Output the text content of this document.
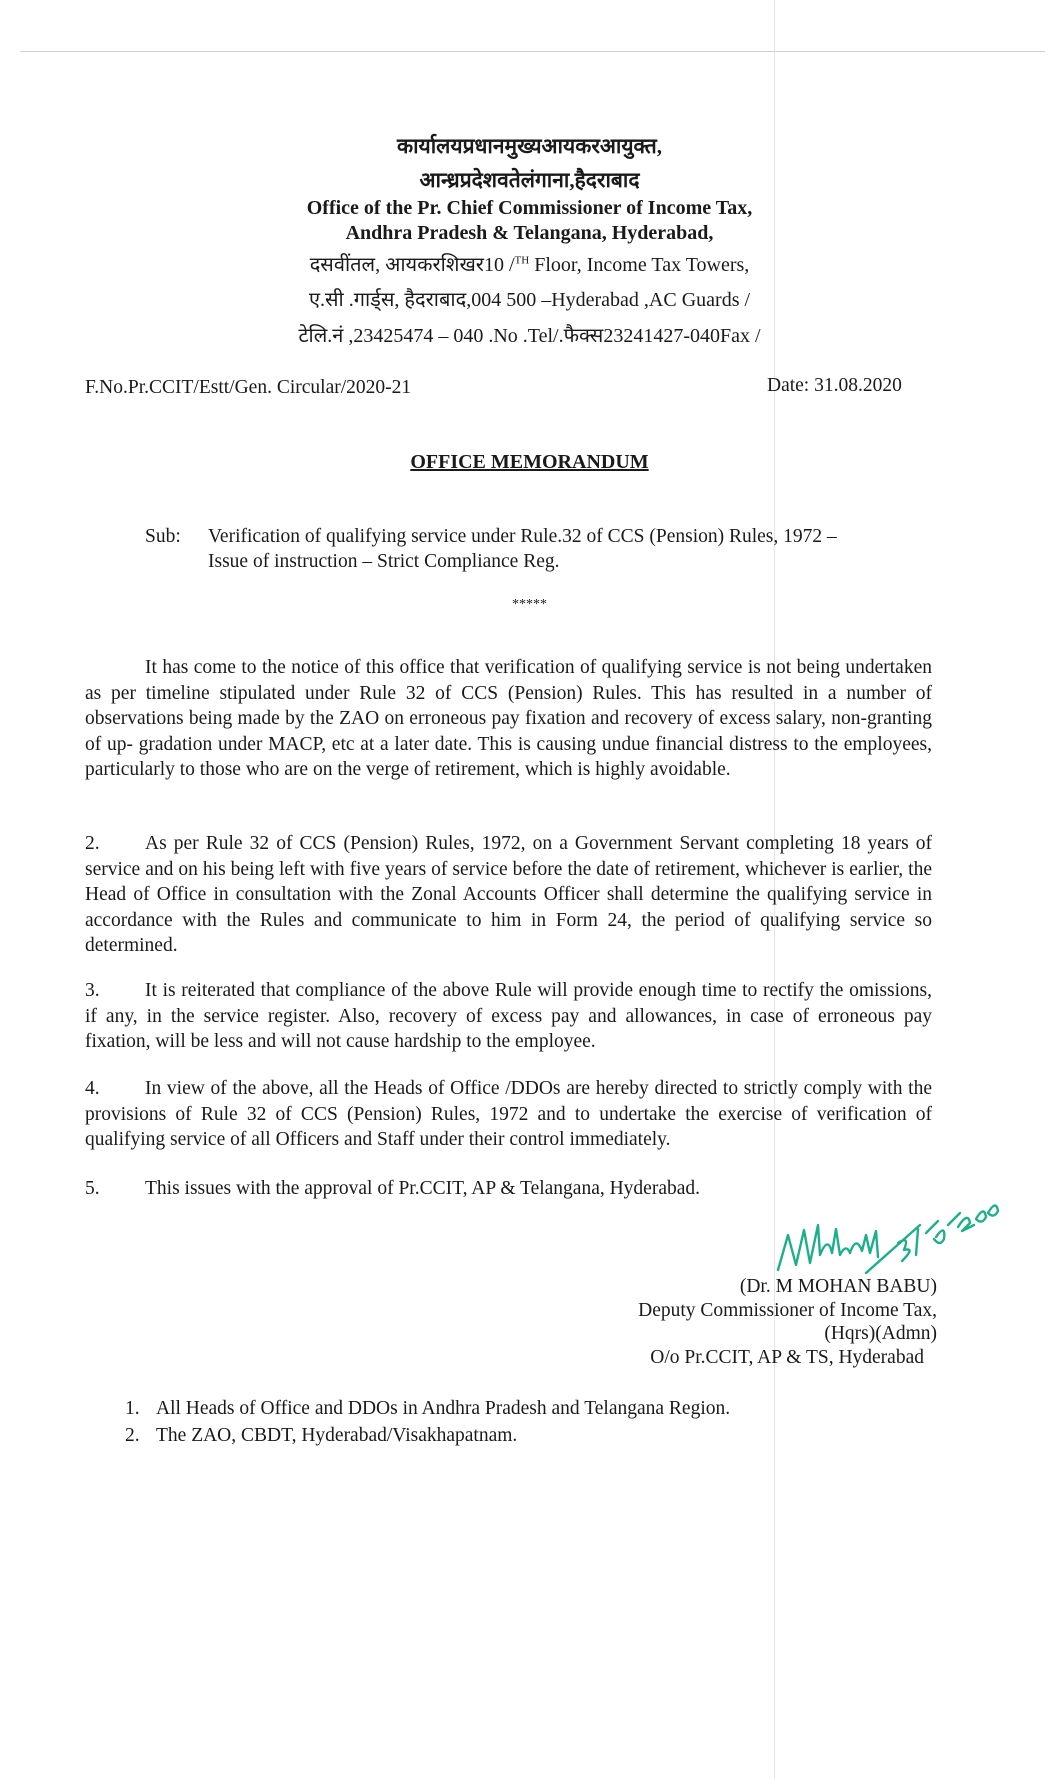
कार्यालयप्रधानमुख्यआयकरआयुक्त,
आन्ध्रप्रदेशवतेलंगाना,हैदराबाद
Office of the Pr. Chief Commissioner of Income Tax,
Andhra Pradesh & Telangana, Hyderabad,
दसवींतल, आयकरशिखर10 /$^{TH}$ Floor, Income Tax Towers,
ए.सी .गार्ड्स, हैदराबाद,004 500 –Hyderabad ,AC Guards /
टेलि.नं ,23425474 – 040 .No .Tel/.फैक्स23241427-040Fax /
F.No.Pr.CCIT/Estt/Gen. Circular/2020-21	Date: 31.08.2020
OFFICE MEMORANDUM
Sub: Verification of qualifying service under Rule.32 of CCS (Pension) Rules, 1972 –
Issue of instruction – Strict Compliance Reg.
*****
It has come to the notice of this office that verification of qualifying service is not being undertaken as per timeline stipulated under Rule 32 of CCS (Pension) Rules. This has resulted in a number of observations being made by the ZAO on erroneous pay fixation and recovery of excess salary, non-granting of up- gradation under MACP, etc at a later date. This is causing undue financial distress to the employees, particularly to those who are on the verge of retirement, which is highly avoidable.
2. As per Rule 32 of CCS (Pension) Rules, 1972, on a Government Servant completing 18 years of service and on his being left with five years of service before the date of retirement, whichever is earlier, the Head of Office in consultation with the Zonal Accounts Officer shall determine the qualifying service in accordance with the Rules and communicate to him in Form 24, the period of qualifying service so determined.
3. It is reiterated that compliance of the above Rule will provide enough time to rectify the omissions, if any, in the service register. Also, recovery of excess pay and allowances, in case of erroneous pay fixation, will be less and will not cause hardship to the employee.
4. In view of the above, all the Heads of Office /DDOs are hereby directed to strictly comply with the provisions of Rule 32 of CCS (Pension) Rules, 1972 and to undertake the exercise of verification of qualifying service of all Officers and Staff under their control immediately.
5. This issues with the approval of Pr.CCIT, AP & Telangana, Hyderabad.
(Dr. M MOHAN BABU)
Deputy Commissioner of Income Tax,
(Hqrs)(Admn)
O/o Pr.CCIT, AP & TS, Hyderabad
1. All Heads of Office and DDOs in Andhra Pradesh and Telangana Region.
2. The ZAO, CBDT, Hyderabad/Visakhapatnam.
